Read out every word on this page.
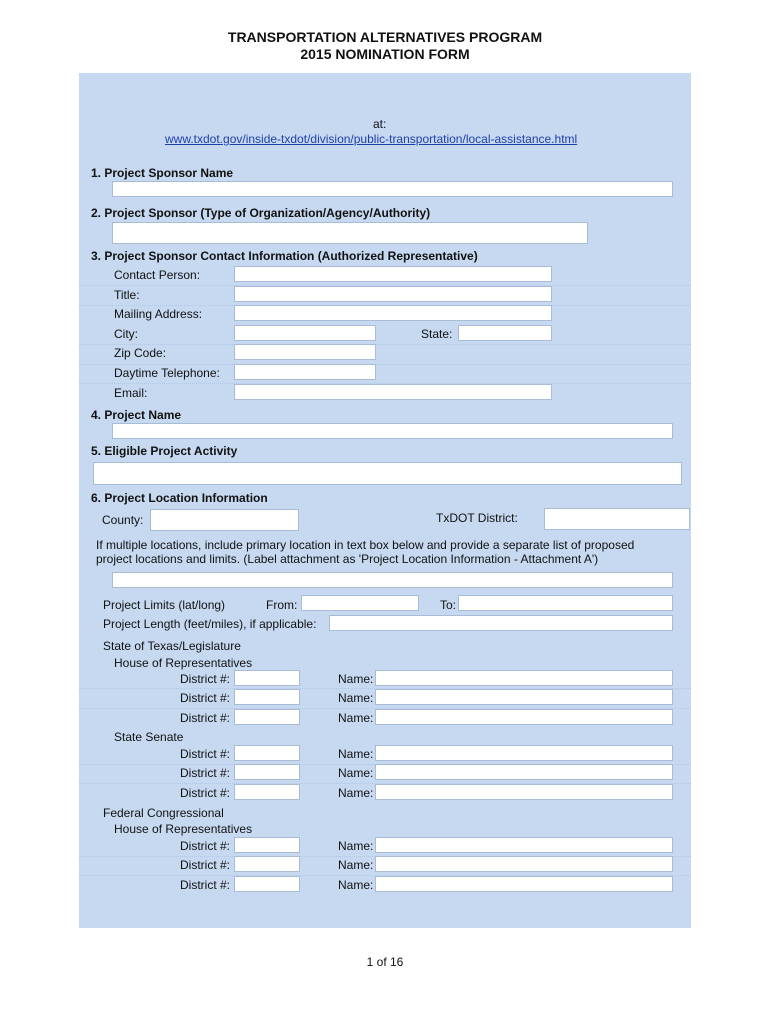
TRANSPORTATION ALTERNATIVES PROGRAM
2015 NOMINATION FORM
at:
www.txdot.gov/inside-txdot/division/public-transportation/local-assistance.html
1. Project Sponsor Name
2. Project Sponsor (Type of Organization/Agency/Authority)
3. Project Sponsor Contact Information (Authorized Representative)
Contact Person:
Title:
Mailing Address:
City:	State:
Zip Code:
Daytime Telephone:
Email:
4. Project Name
5. Eligible Project Activity
6. Project Location Information
County:	TxDOT District:
If multiple locations, include primary location in text box below and provide a separate list of proposed
project locations and limits. (Label attachment as 'Project Location Information - Attachment A')
Project Limits (lat/long)	From:	To:
Project Length (feet/miles), if applicable:
State of Texas/Legislature
House of Representatives
District #:	Name:
District #:	Name:
District #:	Name:
State Senate
District #:	Name:
District #:	Name:
District #:	Name:
Federal Congressional
House of Representatives
District #:	Name:
District #:	Name:
District #:	Name:
1 of 16
